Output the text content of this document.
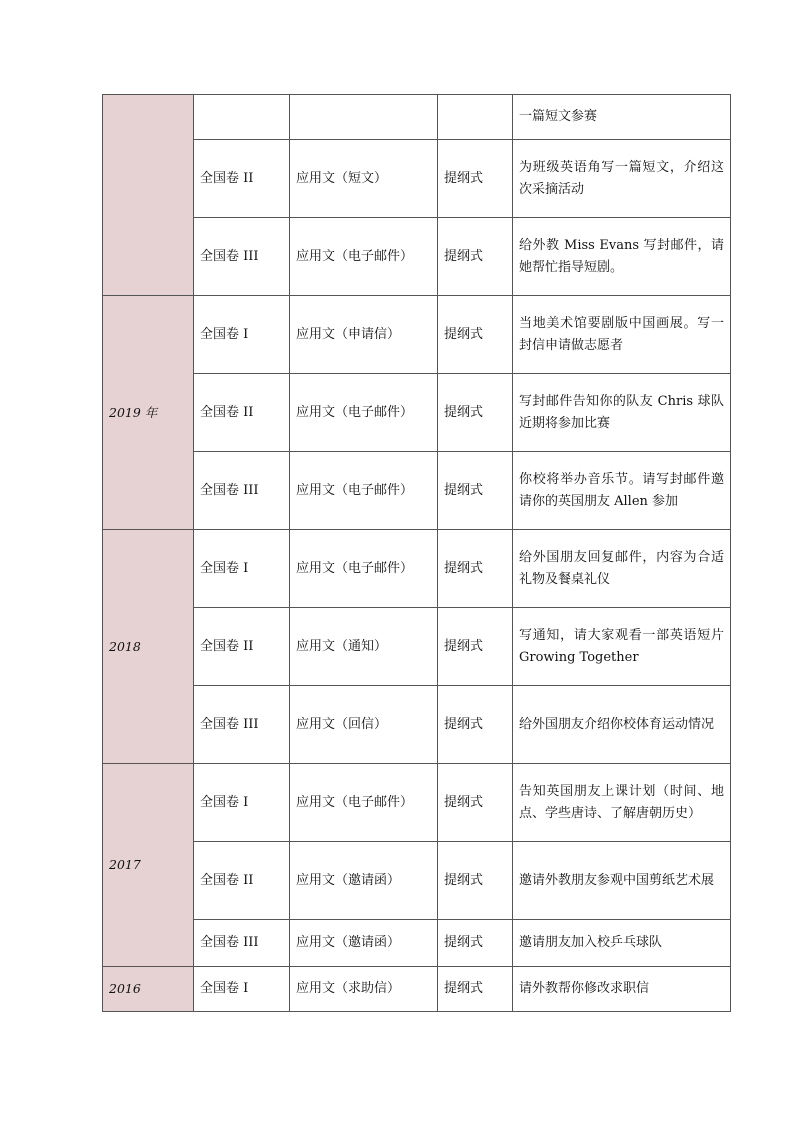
				一篇短文参赛
	全国卷 II	应用文（短文）	提纲式	为班级英语角写一篇短文，介绍这次采摘活动
	全国卷 III	应用文（电子邮件）	提纲式	给外教 Miss Evans 写封邮件，请她帮忙指导短剧。
2019 年	全国卷 I	应用文（申请信）	提纲式	当地美术馆要剧版中国画展。写一封信申请做志愿者
	全国卷 II	应用文（电子邮件）	提纲式	写封邮件告知你的队友 Chris 球队近期将参加比赛
	全国卷 III	应用文（电子邮件）	提纲式	你校将举办音乐节。请写封邮件邀请你的英国朋友 Allen 参加
2018	全国卷 I	应用文（电子邮件）	提纲式	给外国朋友回复邮件，内容为合适礼物及餐桌礼仪
	全国卷 II	应用文（通知）	提纲式	写通知，请大家观看一部英语短片 Growing Together
	全国卷 III	应用文（回信）	提纲式	给外国朋友介绍你校体育运动情况
2017	全国卷 I	应用文（电子邮件）	提纲式	告知英国朋友上课计划（时间、地点、学些唐诗、了解唐朝历史）
	全国卷 II	应用文（邀请函）	提纲式	邀请外教朋友参观中国剪纸艺术展
	全国卷 III	应用文（邀请函）	提纲式	邀请朋友加入校乒乓球队
2016	全国卷 I	应用文（求助信）	提纲式	请外教帮你修改求职信
